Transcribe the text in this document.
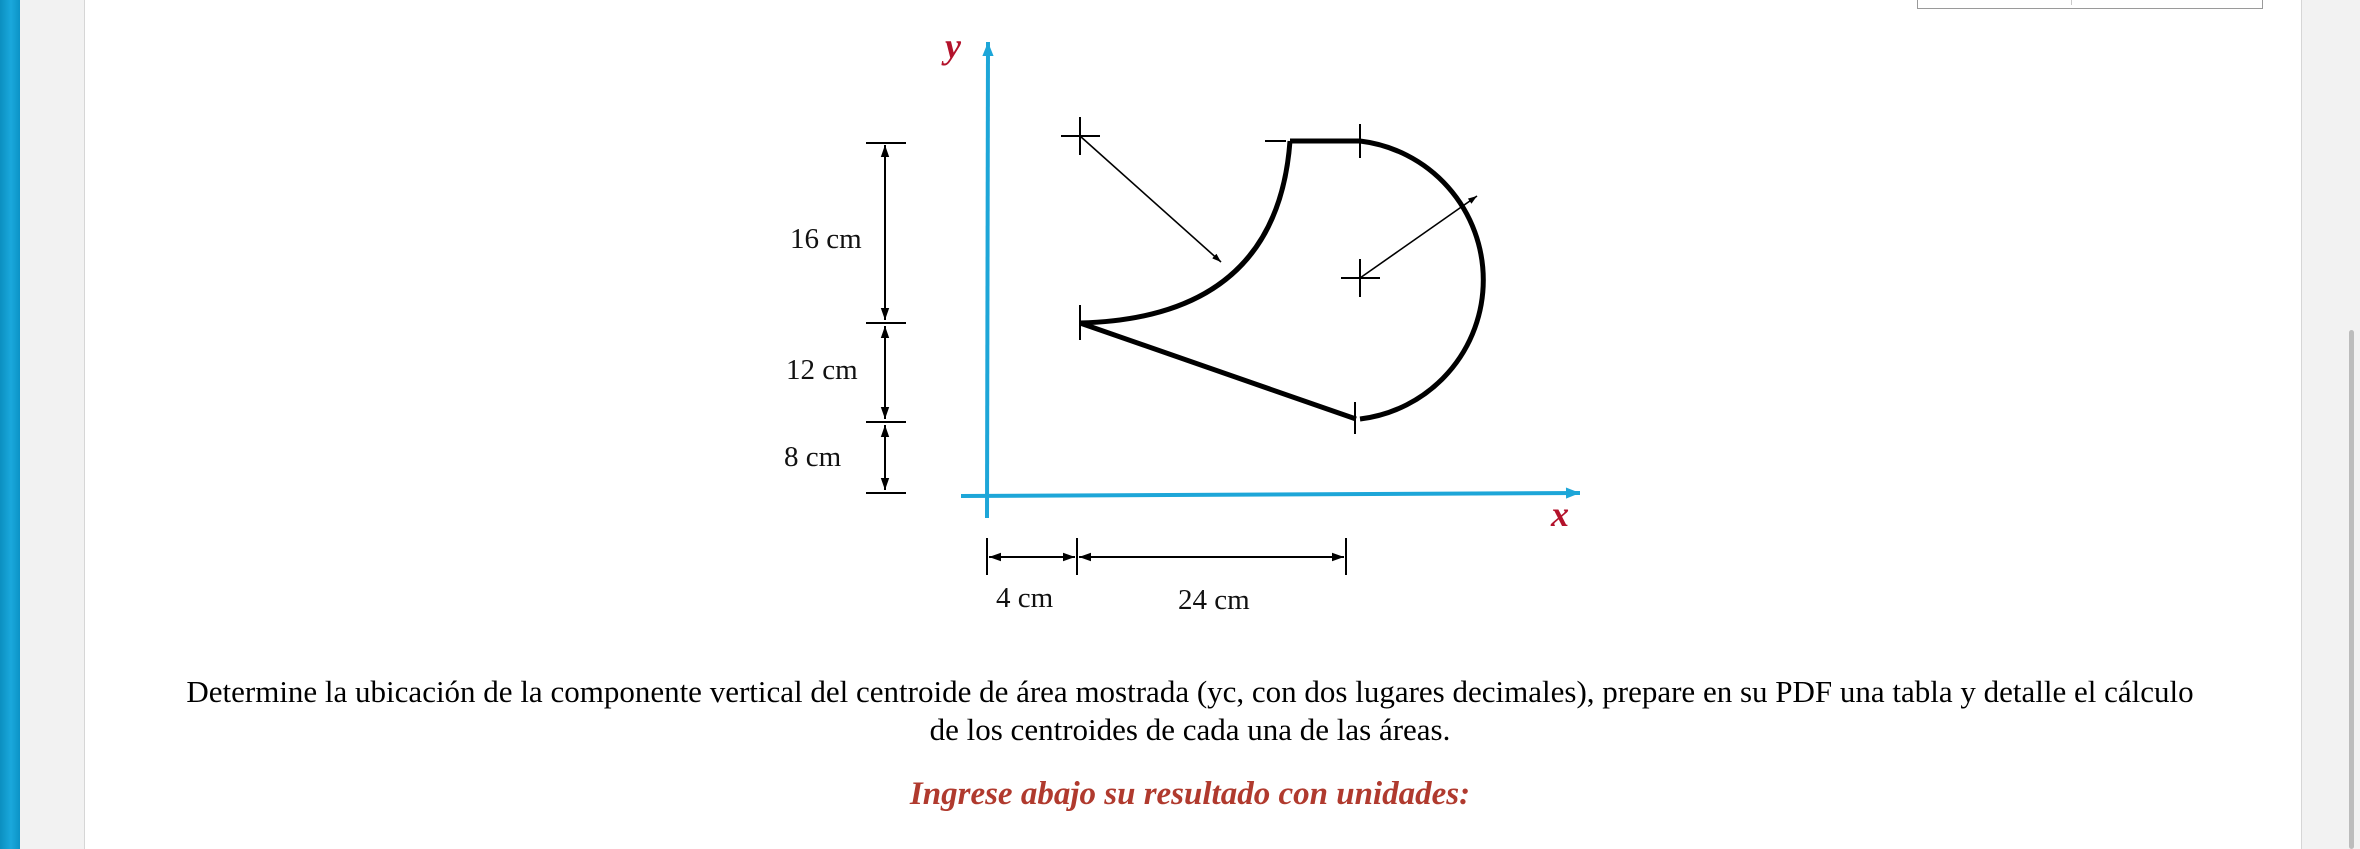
y
x
16 cm
12 cm
8 cm
4 cm	24 cm

Determine la ubicación de la componente vertical del centroide de área mostrada (yc, con dos lugares decimales), prepare en su PDF una tabla y detalle el cálculo de los centroides de cada una de las áreas.

Ingrese abajo su resultado con unidades:
